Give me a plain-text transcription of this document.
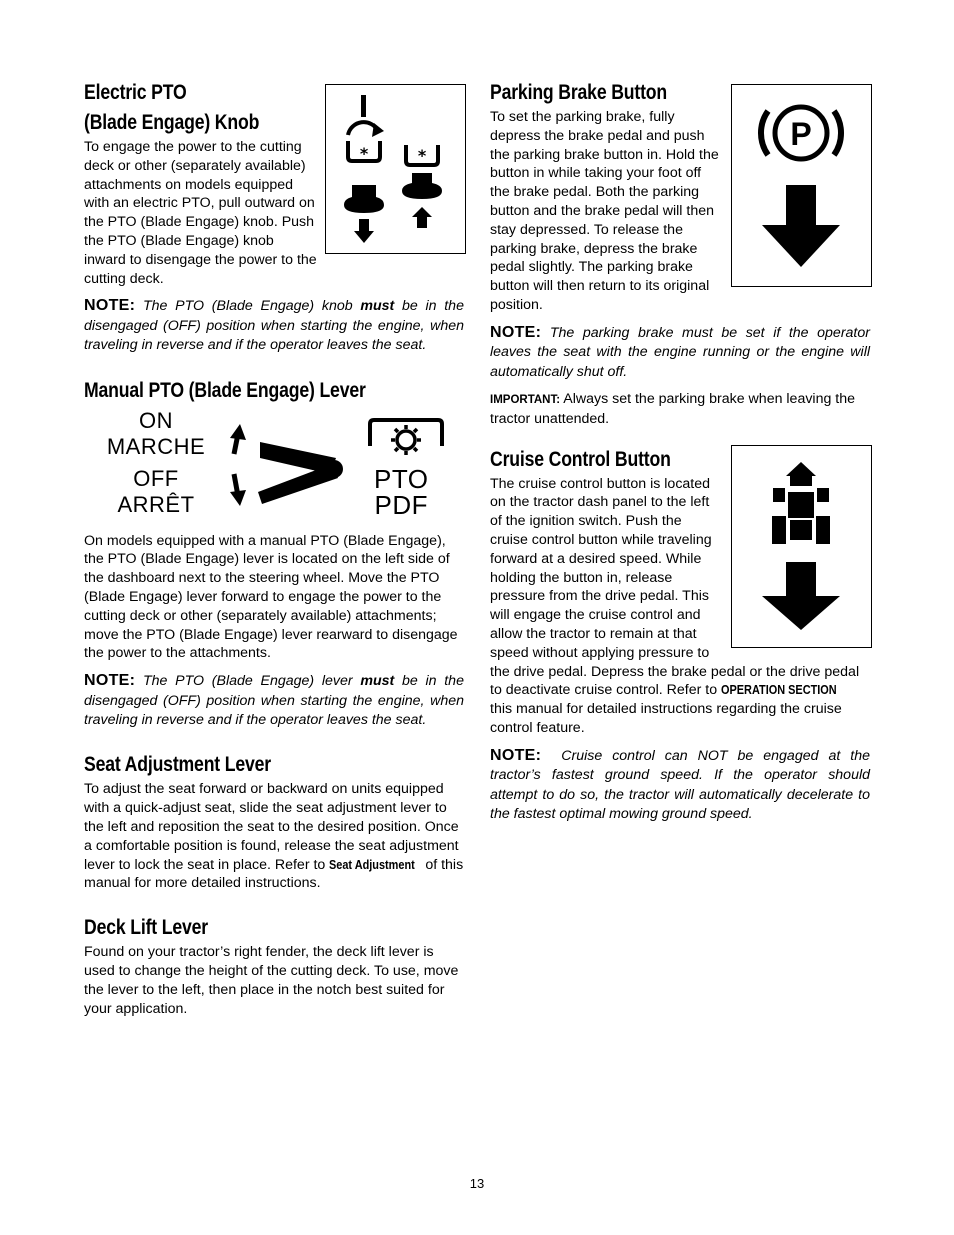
*	*
Electric PTO
(Blade Engage) Knob

To engage the power to the cutting deck or other (separately available) attachments on models equipped with an electric PTO, pull outward on the PTO (Blade Engage) knob. Push the PTO (Blade Engage) knob inward to disengage the power to the cutting deck.

NOTE: The PTO (Blade Engage) knob must be in the disengaged (OFF) position when starting the engine, when traveling in reverse and if the operator leaves the seat.

Manual PTO (Blade Engage) Lever
ON
MARCHE
OFF
ARRÊT
PTO
PDF

On models equipped with a manual PTO (Blade Engage), the PTO (Blade Engage) lever is located on the left side of the dashboard next to the steering wheel. Move the PTO (Blade Engage) lever forward to engage the power to the cutting deck or other (separately available) attachments; move the PTO (Blade Engage) lever rearward to disengage the power to the attachments.

NOTE: The PTO (Blade Engage) lever must be in the disengaged (OFF) position when starting the engine, when traveling in reverse and if the operator leaves the seat.

Seat Adjustment Lever

To adjust the seat forward or backward on units equipped with a quick-adjust seat, slide the seat adjustment lever to the left and reposition the seat to the desired position. Once a comfortable position is found, release the seat adjustment lever to lock the seat in place. Refer to Seat Adjustment of this manual for more detailed instructions.

Deck Lift Lever

Found on your tractor’s right fender, the deck lift lever is used to change the height of the cutting deck. To use, move the lever to the left, then place in the notch best suited for your application.

P
Parking Brake Button

To set the parking brake, fully depress the brake pedal and push the parking brake button in. Hold the button in while taking your foot off the brake pedal. Both the parking button and the brake pedal will then stay depressed. To release the parking brake, depress the brake pedal slightly. The parking brake button will then return to its original position.

NOTE: The parking brake must be set if the operator leaves the seat with the engine running or the engine will automatically shut off.

IMPORTANT: Always set the parking brake when leaving the tractor unattended.

Cruise Control Button

The cruise control button is located on the tractor dash panel to the left of the ignition switch. Push the cruise control button while traveling forward at a desired speed. While holding the button in, release pressure from the drive pedal. This will engage the cruise control and allow the tractor to remain at that speed without applying pressure to the drive pedal. Depress the brake pedal or the drive pedal to deactivate cruise control. Refer to OPERATION SECTION this manual for detailed instructions regarding the cruise control feature.

NOTE: Cruise control can NOT be engaged at the tractor’s fastest ground speed. If the operator should attempt to do so, the tractor will automatically decelerate to the fastest optimal mowing ground speed.

13
